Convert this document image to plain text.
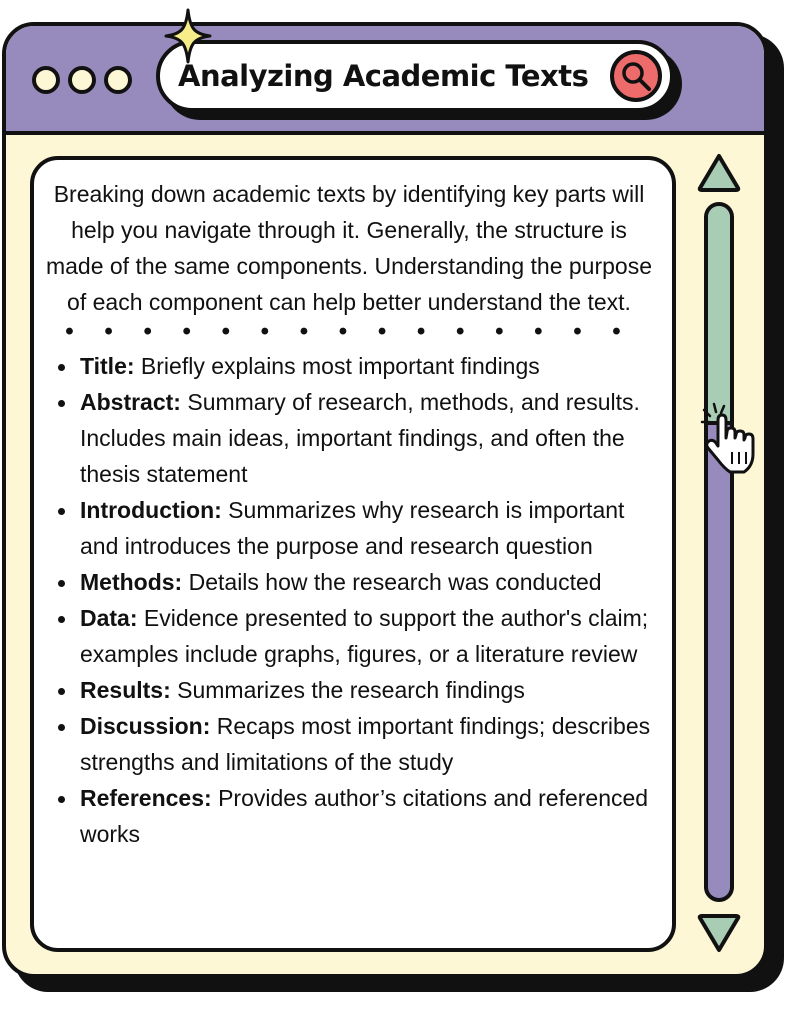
Analyzing Academic Texts

Breaking down academic texts by identifying key parts will help you navigate through it. Generally, the structure is made of the same components. Understanding the purpose of each component can help better understand the text.

• • • • • • • • • • • • • • •
Title: Briefly explains most important findings
Abstract: Summary of research, methods, and results. Includes main ideas, important findings, and often the thesis statement
Introduction: Summarizes why research is important and introduces the purpose and research question
Methods: Details how the research was conducted
Data: Evidence presented to support the author's claim; examples include graphs, figures, or a literature review
Results: Summarizes the research findings
Discussion: Recaps most important findings; describes strengths and limitations of the study
References: Provides author’s citations and referenced works
